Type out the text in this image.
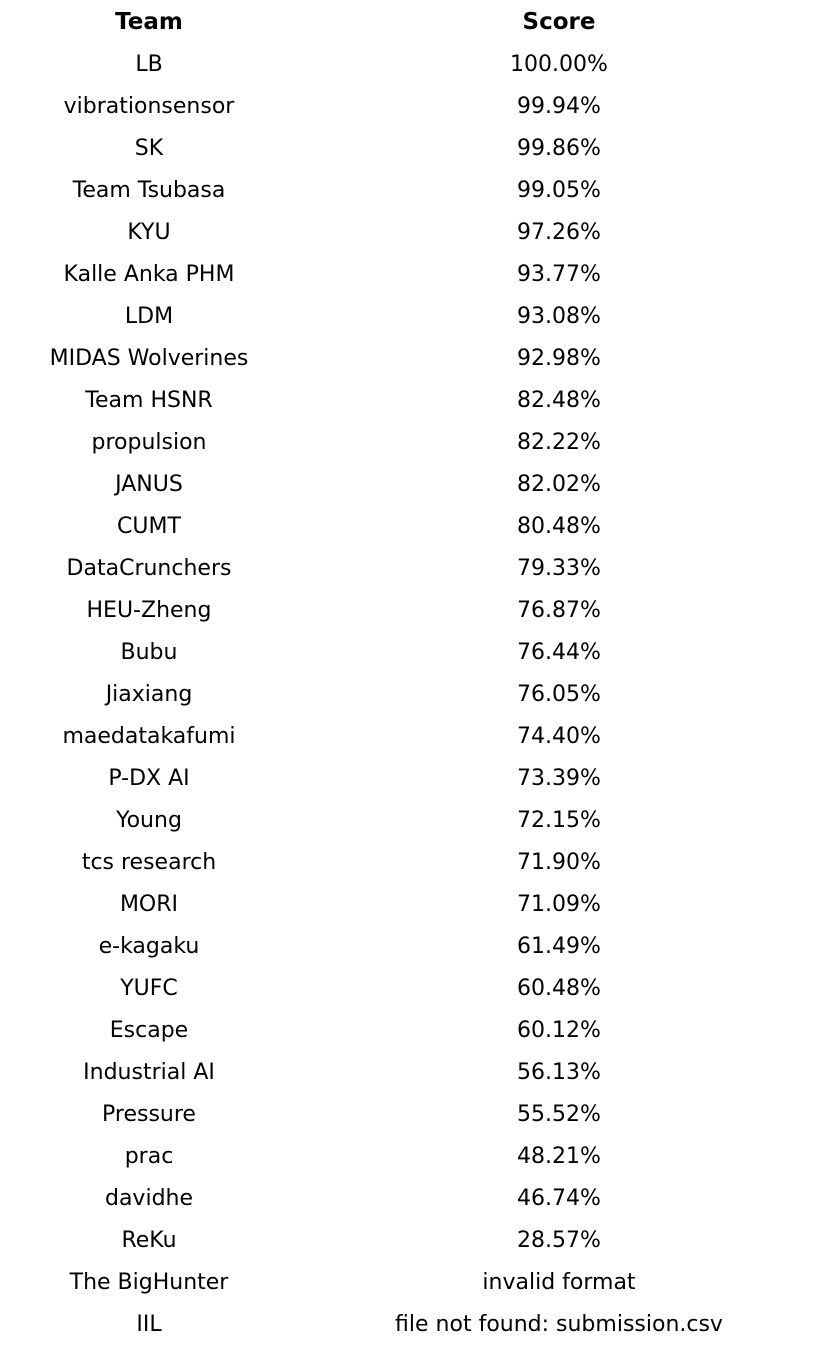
Team	Score
LB	100.00%
vibrationsensor	99.94%
SK	99.86%
Team Tsubasa	99.05%
KYU	97.26%
Kalle Anka PHM	93.77%
LDM	93.08%
MIDAS Wolverines	92.98%
Team HSNR	82.48%
propulsion	82.22%
JANUS	82.02%
CUMT	80.48%
DataCrunchers	79.33%
HEU-Zheng	76.87%
Bubu	76.44%
Jiaxiang	76.05%
maedatakafumi	74.40%
P-DX AI	73.39%
Young	72.15%
tcs research	71.90%
MORI	71.09%
e-kagaku	61.49%
YUFC	60.48%
Escape	60.12%
Industrial AI	56.13%
Pressure	55.52%
prac	48.21%
davidhe	46.74%
ReKu	28.57%
The BigHunter	invalid format
IIL	file not found: submission.csv
